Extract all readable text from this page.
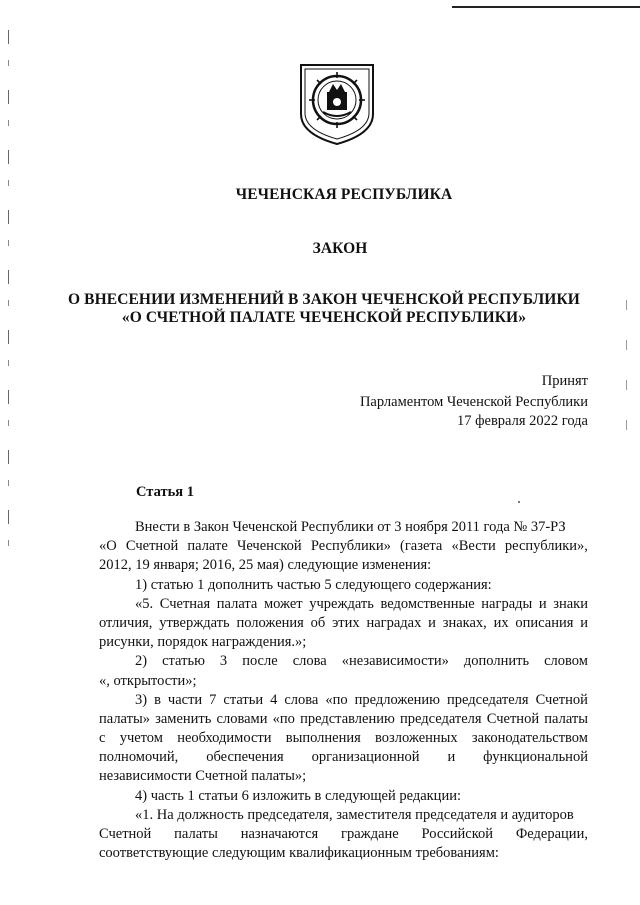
ЧЕЧЕНСКАЯ РЕСПУБЛИКА
ЗАКОН
О ВНЕСЕНИИ ИЗМЕНЕНИЙ В ЗАКОН ЧЕЧЕНСКОЙ РЕСПУБЛИКИ
«О СЧЕТНОЙ ПАЛАТЕ ЧЕЧЕНСКОЙ РЕСПУБЛИКИ»
Принят
Парламентом Чеченской Республики
17 февраля 2022 года
Статья 1
Внести в Закон Чеченской Республики от 3 ноября 2011 года № 37-РЗ
«О Счетной палате Чеченской Республики» (газета «Вести республики»,
2012, 19 января; 2016, 25 мая) следующие изменения:
1) статью 1 дополнить частью 5 следующего содержания:
«5. Счетная палата может учреждать ведомственные награды и знаки
отличия, утверждать положения об этих наградах и знаках, их описания и
рисунки, порядок награждения.»;
2) статью 3 после слова «независимости» дополнить словом
«, открытости»;
3) в части 7 статьи 4 слова «по предложению председателя Счетной
палаты» заменить словами «по представлению председателя Счетной палаты
с учетом необходимости выполнения возложенных законодательством
полномочий, обеспечения организационной и функциональной
независимости Счетной палаты»;
4) часть 1 статьи 6 изложить в следующей редакции:
«1. На должность председателя, заместителя председателя и аудиторов
Счетной палаты назначаются граждане Российской Федерации,
соответствующие следующим квалификационным требованиям:
